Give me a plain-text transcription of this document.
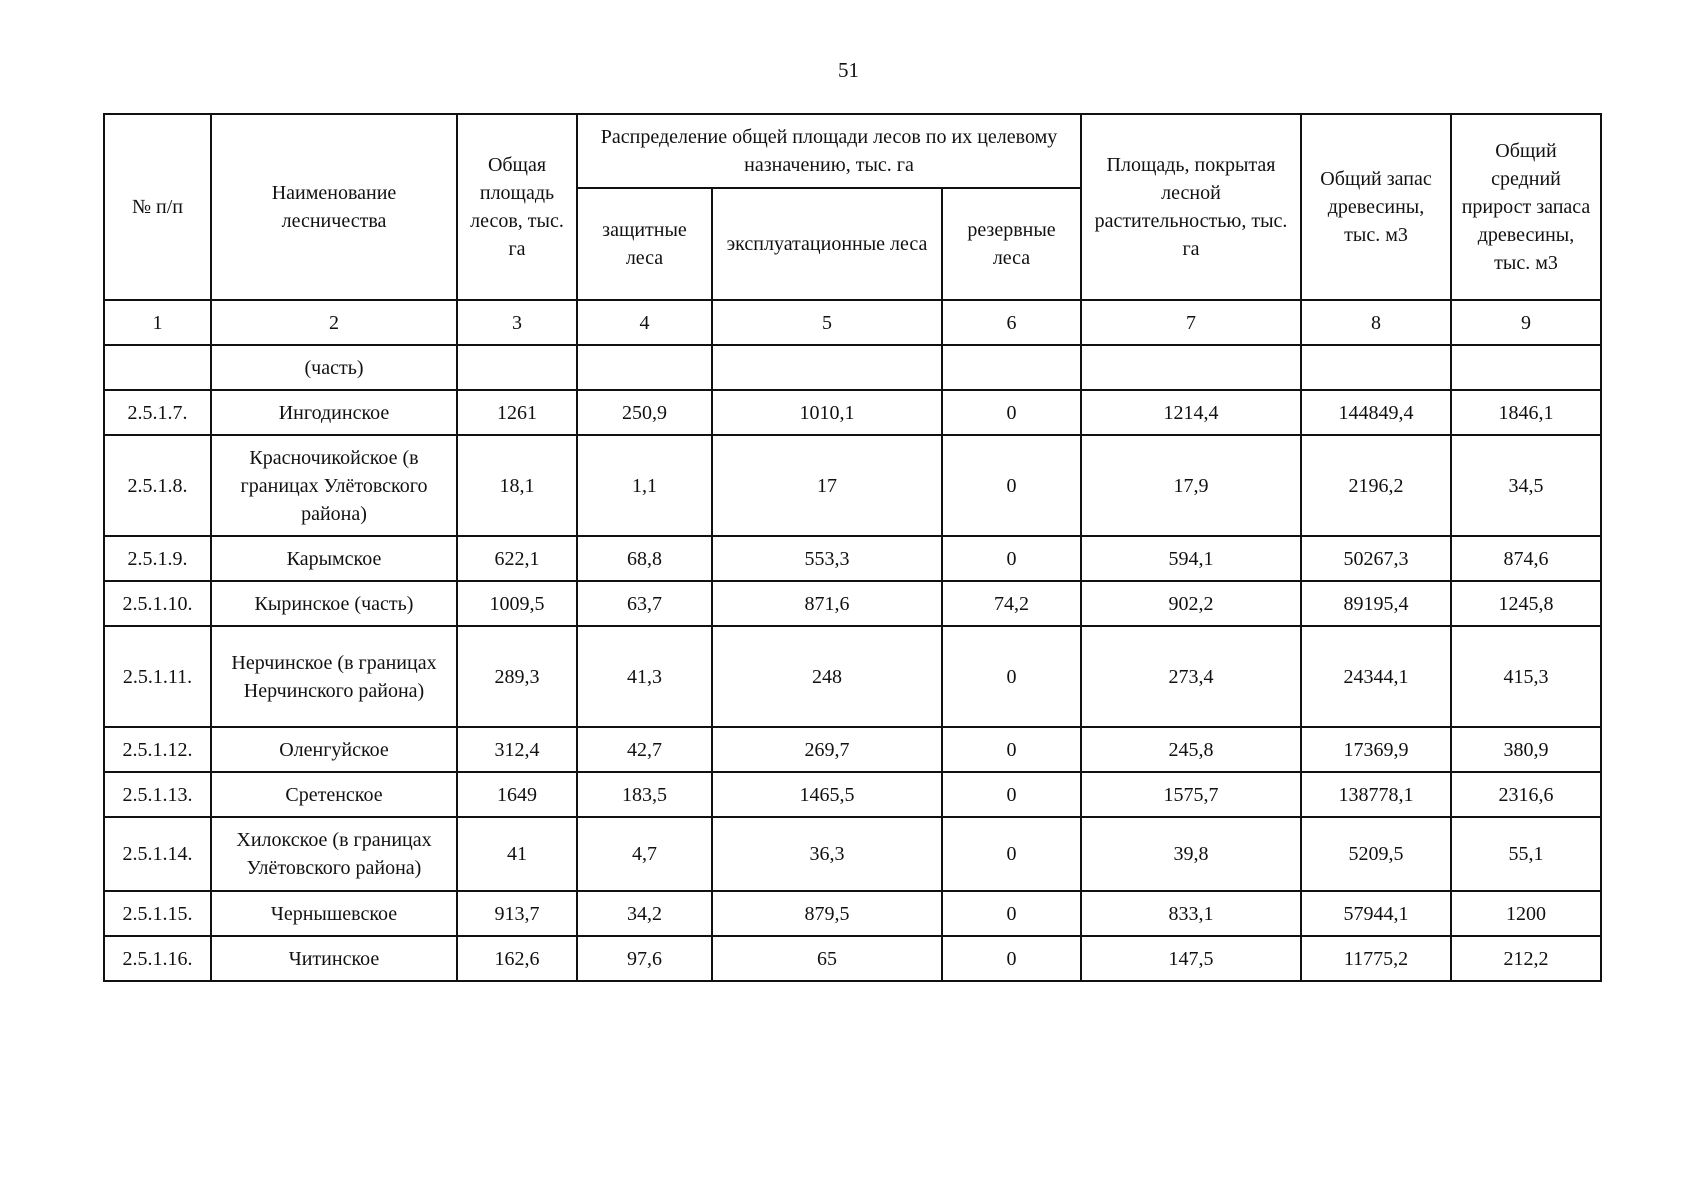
51
№ п/п	Наименование лесничества	Общая площадь лесов, тыс. га	Распределение общей площади лесов по их целевому назначению, тыс. га			Площадь, покрытая лесной растительностью, тыс. га	Общий запас древесины, тыс. м3	Общий средний прирост запаса древесины, тыс. м3
			защитные леса	эксплуатационные леса	резервные леса			
1	2	3	4	5	6	7	8	9
	(часть)							
2.5.1.7.	Ингодинское	1261	250,9	1010,1	0	1214,4	144849,4	1846,1
2.5.1.8.	Красночикойское (в границах Улётовского района)	18,1	1,1	17	0	17,9	2196,2	34,5
2.5.1.9.	Карымское	622,1	68,8	553,3	0	594,1	50267,3	874,6
2.5.1.10.	Кыринское (часть)	1009,5	63,7	871,6	74,2	902,2	89195,4	1245,8
2.5.1.11.	Нерчинское (в границах Нерчинского района)	289,3	41,3	248	0	273,4	24344,1	415,3
2.5.1.12.	Оленгуйское	312,4	42,7	269,7	0	245,8	17369,9	380,9
2.5.1.13.	Сретенское	1649	183,5	1465,5	0	1575,7	138778,1	2316,6
2.5.1.14.	Хилокское (в границах Улётовского района)	41	4,7	36,3	0	39,8	5209,5	55,1
2.5.1.15.	Чернышевское	913,7	34,2	879,5	0	833,1	57944,1	1200
2.5.1.16.	Читинское	162,6	97,6	65	0	147,5	11775,2	212,2
